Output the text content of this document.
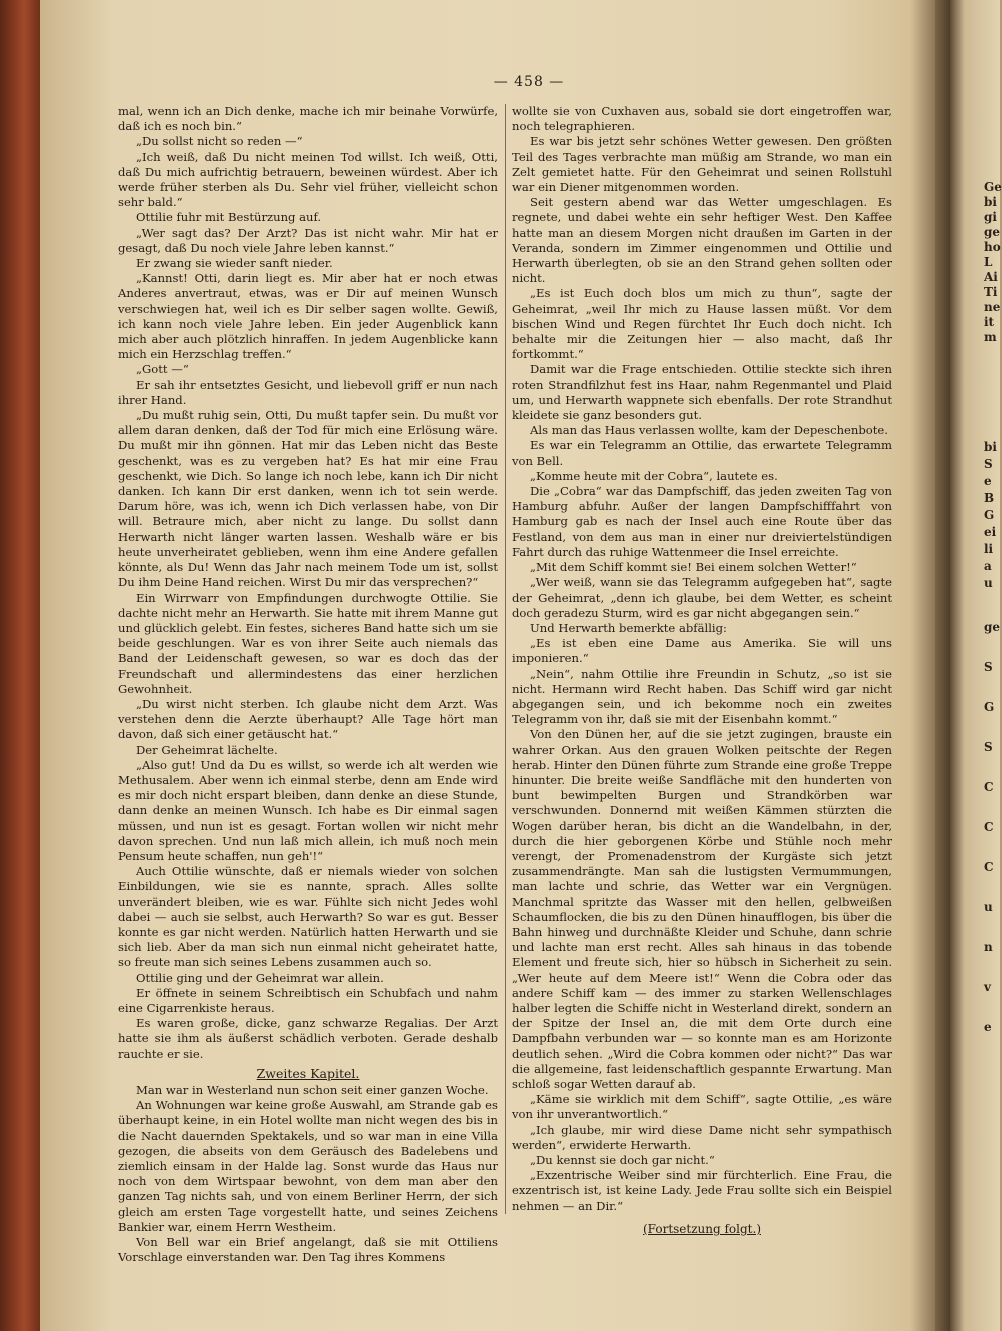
— 458 —

mal, wenn ich an Dich denke, mache ich mir beinahe Vorwürfe, daß ich es noch bin.“

„Du sollst nicht so reden —“

„Ich weiß, daß Du nicht meinen Tod willst. Ich weiß, Otti, daß Du mich aufrichtig betrauern, beweinen würdest. Aber ich werde früher sterben als Du. Sehr viel früher, vielleicht schon sehr bald.“

Ottilie fuhr mit Bestürzung auf.

„Wer sagt das? Der Arzt? Das ist nicht wahr. Mir hat er gesagt, daß Du noch viele Jahre leben kannst.“

Er zwang sie wieder sanft nieder.

„Kannst! Otti, darin liegt es. Mir aber hat er noch etwas Anderes anvertraut, etwas, was er Dir auf meinen Wunsch verschwiegen hat, weil ich es Dir selber sagen wollte. Gewiß, ich kann noch viele Jahre leben. Ein jeder Augenblick kann mich aber auch plötzlich hinraffen. In jedem Augenblicke kann mich ein Herzschlag treffen.“

„Gott —“

Er sah ihr entsetztes Gesicht, und liebevoll griff er nun nach ihrer Hand.

„Du mußt ruhig sein, Otti, Du mußt tapfer sein. Du mußt vor allem daran denken, daß der Tod für mich eine Erlösung wäre. Du mußt mir ihn gönnen. Hat mir das Leben nicht das Beste geschenkt, was es zu vergeben hat? Es hat mir eine Frau geschenkt, wie Dich. So lange ich noch lebe, kann ich Dir nicht danken. Ich kann Dir erst danken, wenn ich tot sein werde. Darum höre, was ich, wenn ich Dich verlassen habe, von Dir will. Betraure mich, aber nicht zu lange. Du sollst dann Herwarth nicht länger warten lassen. Weshalb wäre er bis heute unverheiratet geblieben, wenn ihm eine Andere gefallen könnte, als Du! Wenn das Jahr nach meinem Tode um ist, sollst Du ihm Deine Hand reichen. Wirst Du mir das versprechen?“

Ein Wirrwarr von Empfindungen durchwogte Ottilie. Sie dachte nicht mehr an Herwarth. Sie hatte mit ihrem Manne gut und glücklich gelebt. Ein festes, sicheres Band hatte sich um sie beide geschlungen. War es von ihrer Seite auch niemals das Band der Leidenschaft gewesen, so war es doch das der Freundschaft und allermindestens das einer herzlichen Gewohnheit.

„Du wirst nicht sterben. Ich glaube nicht dem Arzt. Was verstehen denn die Aerzte überhaupt? Alle Tage hört man davon, daß sich einer getäuscht hat.“

Der Geheimrat lächelte.

„Also gut! Und da Du es willst, so werde ich alt werden wie Methusalem. Aber wenn ich einmal sterbe, denn am Ende wird es mir doch nicht erspart bleiben, dann denke an diese Stunde, dann denke an meinen Wunsch. Ich habe es Dir einmal sagen müssen, und nun ist es gesagt. Fortan wollen wir nicht mehr davon sprechen. Und nun laß mich allein, ich muß noch mein Pensum heute schaffen, nun geh'!“

Auch Ottilie wünschte, daß er niemals wieder von solchen Einbildungen, wie sie es nannte, sprach. Alles sollte unverändert bleiben, wie es war. Fühlte sich nicht Jedes wohl dabei — auch sie selbst, auch Herwarth? So war es gut. Besser konnte es gar nicht werden. Natürlich hatten Herwarth und sie sich lieb. Aber da man sich nun einmal nicht geheiratet hatte, so freute man sich seines Lebens zusammen auch so.

Ottilie ging und der Geheimrat war allein.

Er öffnete in seinem Schreibtisch ein Schubfach und nahm eine Cigarrenkiste heraus.

Es waren große, dicke, ganz schwarze Regalias. Der Arzt hatte sie ihm als äußerst schädlich verboten. Gerade deshalb rauchte er sie.

Zweites Kapitel.

Man war in Westerland nun schon seit einer ganzen Woche.

An Wohnungen war keine große Auswahl, am Strande gab es überhaupt keine, in ein Hotel wollte man nicht wegen des bis in die Nacht dauernden Spektakels, und so war man in eine Villa gezogen, die abseits von dem Geräusch des Badelebens und ziemlich einsam in der Halde lag. Sonst wurde das Haus nur noch von dem Wirtspaar bewohnt, von dem man aber den ganzen Tag nichts sah, und von einem Berliner Herrn, der sich gleich am ersten Tage vorgestellt hatte, und seines Zeichens Bankier war, einem Herrn Westheim.

Von Bell war ein Brief angelangt, daß sie mit Ottiliens Vorschlage einverstanden war. Den Tag ihres Kommens

wollte sie von Cuxhaven aus, sobald sie dort eingetroffen war, noch telegraphieren.

Es war bis jetzt sehr schönes Wetter gewesen. Den größten Teil des Tages verbrachte man müßig am Strande, wo man ein Zelt gemietet hatte. Für den Geheimrat und seinen Rollstuhl war ein Diener mitgenommen worden.

Seit gestern abend war das Wetter umgeschlagen. Es regnete, und dabei wehte ein sehr heftiger West. Den Kaffee hatte man an diesem Morgen nicht draußen im Garten in der Veranda, sondern im Zimmer eingenommen und Ottilie und Herwarth überlegten, ob sie an den Strand gehen sollten oder nicht.

„Es ist Euch doch blos um mich zu thun“, sagte der Geheimrat, „weil Ihr mich zu Hause lassen müßt. Vor dem bischen Wind und Regen fürchtet Ihr Euch doch nicht. Ich behalte mir die Zeitungen hier — also macht, daß Ihr fortkommt.“

Damit war die Frage entschieden. Ottilie steckte sich ihren roten Strandfilzhut fest ins Haar, nahm Regenmantel und Plaid um, und Herwarth wappnete sich ebenfalls. Der rote Strandhut kleidete sie ganz besonders gut.

Als man das Haus verlassen wollte, kam der Depeschenbote.

Es war ein Telegramm an Ottilie, das erwartete Telegramm von Bell.

„Komme heute mit der Cobra“, lautete es.

Die „Cobra“ war das Dampfschiff, das jeden zweiten Tag von Hamburg abfuhr. Außer der langen Dampfschifffahrt von Hamburg gab es nach der Insel auch eine Route über das Festland, von dem aus man in einer nur dreiviertelstündigen Fahrt durch das ruhige Wattenmeer die Insel erreichte.

„Mit dem Schiff kommt sie! Bei einem solchen Wetter!“

„Wer weiß, wann sie das Telegramm aufgegeben hat“, sagte der Geheimrat, „denn ich glaube, bei dem Wetter, es scheint doch geradezu Sturm, wird es gar nicht abgegangen sein.“

Und Herwarth bemerkte abfällig:

„Es ist eben eine Dame aus Amerika. Sie will uns imponieren.“

„Nein“, nahm Ottilie ihre Freundin in Schutz, „so ist sie nicht. Hermann wird Recht haben. Das Schiff wird gar nicht abgegangen sein, und ich bekomme noch ein zweites Telegramm von ihr, daß sie mit der Eisenbahn kommt.“

Von den Dünen her, auf die sie jetzt zugingen, brauste ein wahrer Orkan. Aus den grauen Wolken peitschte der Regen herab. Hinter den Dünen führte zum Strande eine große Treppe hinunter. Die breite weiße Sandfläche mit den hunderten von bunt bewimpelten Burgen und Strandkörben war verschwunden. Donnernd mit weißen Kämmen stürzten die Wogen darüber heran, bis dicht an die Wandelbahn, in der, durch die hier geborgenen Körbe und Stühle noch mehr verengt, der Promenadenstrom der Kurgäste sich jetzt zusammendrängte. Man sah die lustigsten Vermummungen, man lachte und schrie, das Wetter war ein Vergnügen. Manchmal spritzte das Wasser mit den hellen, gelbweißen Schaumflocken, die bis zu den Dünen hinaufflogen, bis über die Bahn hinweg und durchnäßte Kleider und Schuhe, dann schrie und lachte man erst recht. Alles sah hinaus in das tobende Element und freute sich, hier so hübsch in Sicherheit zu sein. „Wer heute auf dem Meere ist!“ Wenn die Cobra oder das andere Schiff kam — des immer zu starken Wellenschlages halber legten die Schiffe nicht in Westerland direkt, sondern an der Spitze der Insel an, die mit dem Orte durch eine Dampfbahn verbunden war — so konnte man es am Horizonte deutlich sehen. „Wird die Cobra kommen oder nicht?“ Das war die allgemeine, fast leidenschaftlich gespannte Erwartung. Man schloß sogar Wetten darauf ab.

„Käme sie wirklich mit dem Schiff“, sagte Ottilie, „es wäre von ihr unverantwortlich.“

„Ich glaube, mir wird diese Dame nicht sehr sympathisch werden“, erwiderte Herwarth.

„Du kennst sie doch gar nicht.“

„Exzentrische Weiber sind mir fürchterlich. Eine Frau, die exzentrisch ist, ist keine Lady. Jede Frau sollte sich ein Beispiel nehmen — an Dir.“

(Fortsetzung folgt.)
Ge
bi
gi
ge
ho
L
Ai
Ti
ne
it
m
bi
S
e
B
G
ei
li
a
u
ge
S
G
S
C
C
C
u
n
v
e
